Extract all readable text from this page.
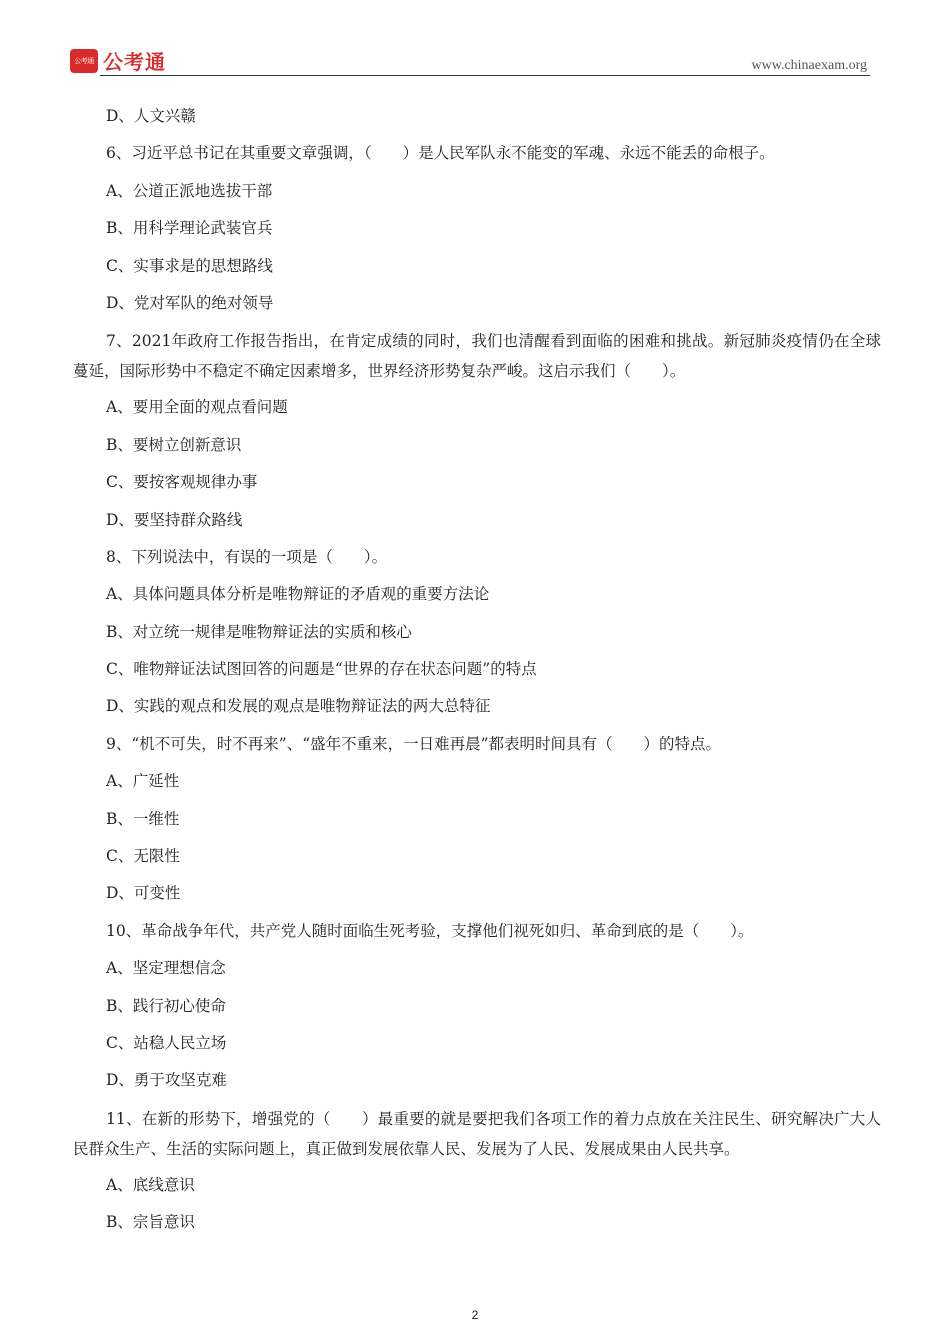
公考通 公考通	www.chinaexam.org
D、人文兴赣
6、习近平总书记在其重要文章强调，（　　）是人民军队永不能变的军魂、永远不能丢的命根子。
A、公道正派地选拔干部
B、用科学理论武装官兵
C、实事求是的思想路线
D、党对军队的绝对领导
7、2021年政府工作报告指出，在肯定成绩的同时，我们也清醒看到面临的困难和挑战。新冠肺炎疫情仍在全球蔓延，国际形势中不稳定不确定因素增多，世界经济形势复杂严峻。这启示我们（　　）。
A、要用全面的观点看问题
B、要树立创新意识
C、要按客观规律办事
D、要坚持群众路线
8、下列说法中，有误的一项是（　　）。
A、具体问题具体分析是唯物辩证的矛盾观的重要方法论
B、对立统一规律是唯物辩证法的实质和核心
C、唯物辩证法试图回答的问题是“世界的存在状态问题”的特点
D、实践的观点和发展的观点是唯物辩证法的两大总特征
9、“机不可失，时不再来”、“盛年不重来，一日难再晨”都表明时间具有（　　）的特点。
A、广延性
B、一维性
C、无限性
D、可变性
10、革命战争年代，共产党人随时面临生死考验，支撑他们视死如归、革命到底的是（　　）。
A、坚定理想信念
B、践行初心使命
C、站稳人民立场
D、勇于攻坚克难
11、在新的形势下，增强党的（　　）最重要的就是要把我们各项工作的着力点放在关注民生、研究解决广大人民群众生产、生活的实际问题上，真正做到发展依靠人民、发展为了人民、发展成果由人民共享。
A、底线意识
B、宗旨意识
2
